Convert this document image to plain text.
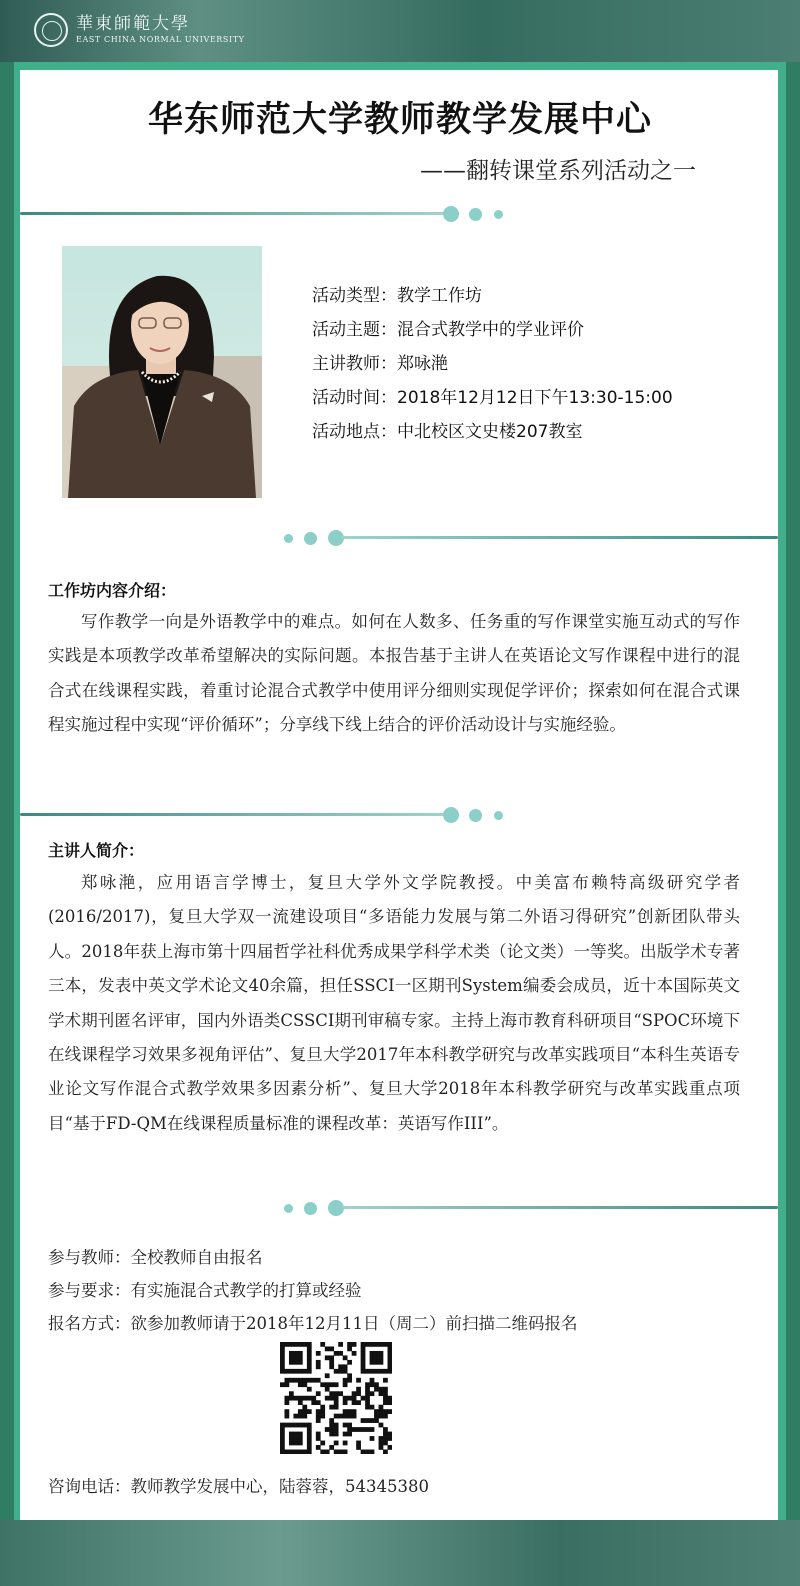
華東師範大學
EAST CHINA NORMAL UNIVERSITY
华东师范大学教师教学发展中心
——翻转课堂系列活动之一
活动类型：教学工作坊
活动主题：混合式教学中的学业评价
主讲教师：郑咏滟
活动时间：2018年12月12日下午13:30-15:00
活动地点：中北校区文史楼207教室
工作坊内容介绍：
写作教学一向是外语教学中的难点。如何在人数多、任务重的写作课堂实施互动式的写作实践是本项教学改革希望解决的实际问题。本报告基于主讲人在英语论文写作课程中进行的混合式在线课程实践，着重讨论混合式教学中使用评分细则实现促学评价；探索如何在混合式课程实施过程中实现“评价循环”；分享线下线上结合的评价活动设计与实施经验。
主讲人简介：
郑咏滟，应用语言学博士，复旦大学外文学院教授。中美富布赖特高级研究学者(2016/2017)，复旦大学双一流建设项目“多语能力发展与第二外语习得研究”创新团队带头人。2018年获上海市第十四届哲学社科优秀成果学科学术类（论文类）一等奖。出版学术专著三本，发表中英文学术论文40余篇，担任SSCI一区期刊System编委会成员，近十本国际英文学术期刊匿名评审，国内外语类CSSCI期刊审稿专家。主持上海市教育科研项目“SPOC环境下在线课程学习效果多视角评估”、复旦大学2017年本科教学研究与改革实践项目“本科生英语专业论文写作混合式教学效果多因素分析”、复旦大学2018年本科教学研究与改革实践重点项目“基于FD-QM在线课程质量标准的课程改革：英语写作III”。
参与教师：全校教师自由报名
参与要求：有实施混合式教学的打算或经验
报名方式：欲参加教师请于2018年12月11日（周二）前扫描二维码报名
咨询电话：教师教学发展中心，陆蓉蓉，54345380
